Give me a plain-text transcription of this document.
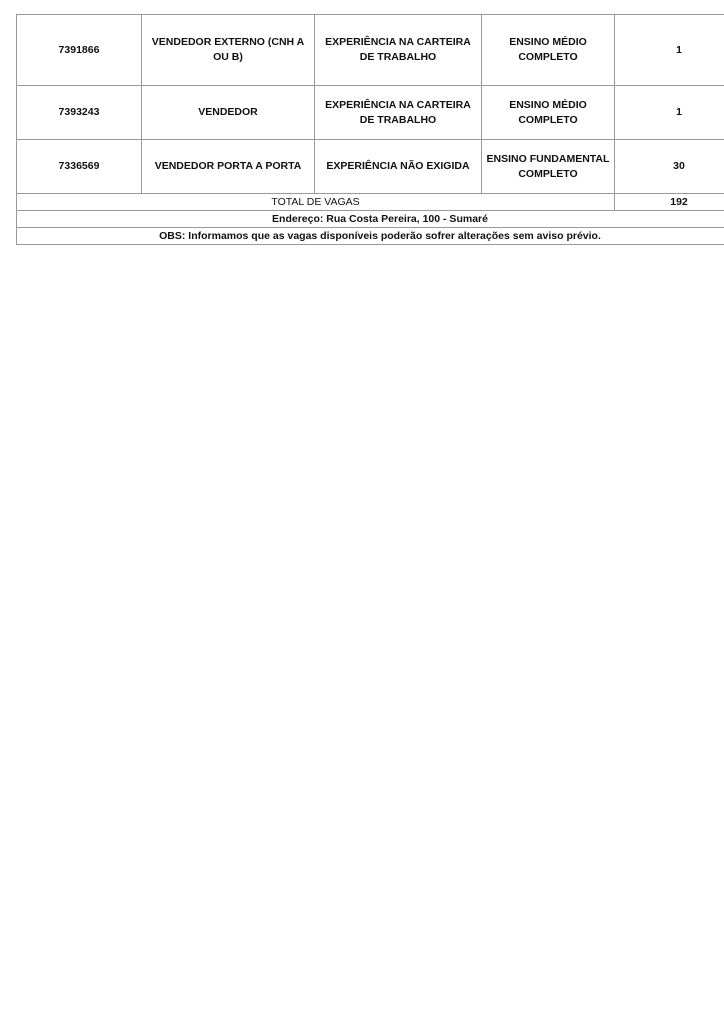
7391866	VENDEDOR EXTERNO (CNH A OU B)	EXPERIÊNCIA NA CARTEIRA DE TRABALHO	ENSINO MÉDIO COMPLETO	1
7393243	VENDEDOR	EXPERIÊNCIA NA CARTEIRA DE TRABALHO	ENSINO MÉDIO COMPLETO	1
7336569	VENDEDOR PORTA A PORTA	EXPERIÊNCIA NÃO EXIGIDA	ENSINO FUNDAMENTAL COMPLETO	30
TOTAL DE VAGAS				192
Endereço: Rua Costa Pereira, 100 - Sumaré				
OBS: Informamos que as vagas disponíveis poderão sofrer alterações sem aviso prévio.				
